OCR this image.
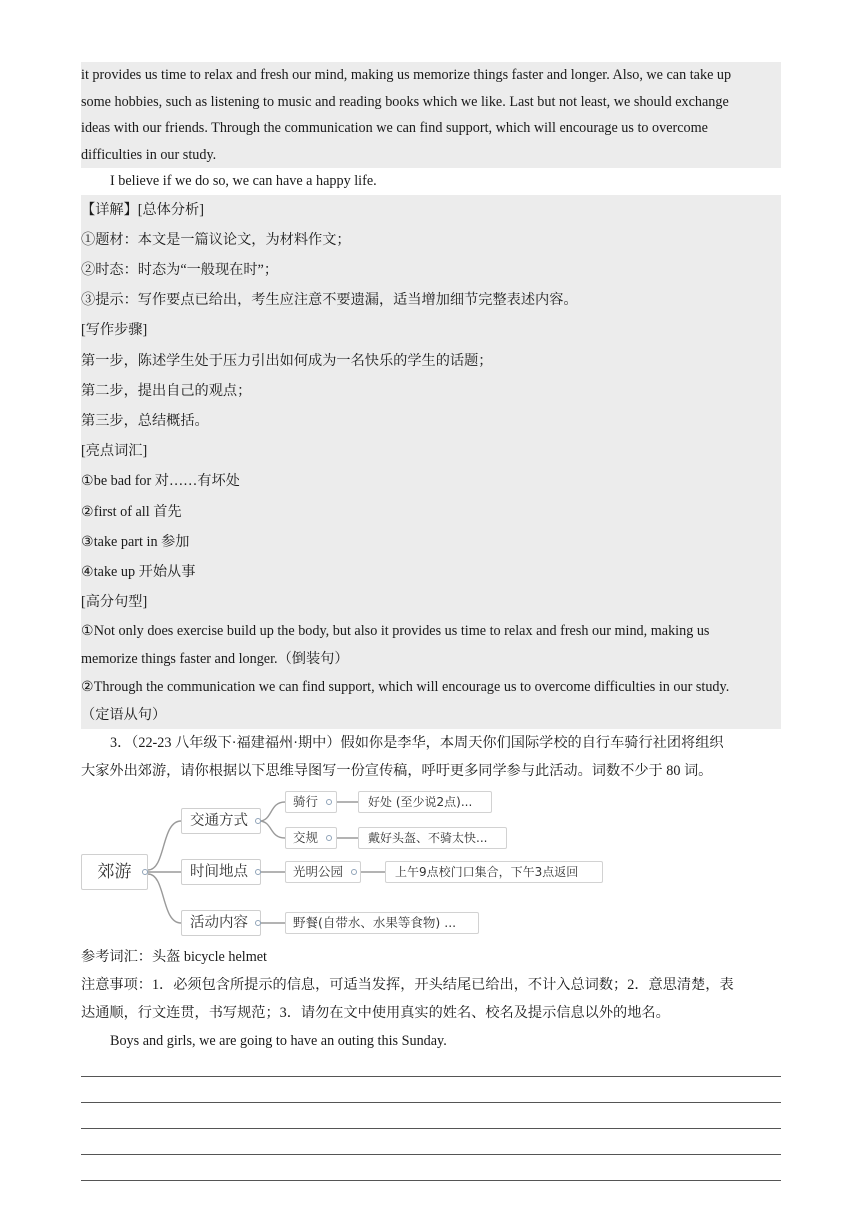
it provides us time to relax and fresh our mind, making us memorize things faster and longer. Also, we can take up
some hobbies, such as listening to music and reading books which we like. Last but not least, we should exchange
ideas with our friends. Through the communication we can find support, which will encourage us to overcome
difficulties in our study.
I believe if we do so, we can have a happy life.
【详解】[总体分析]
①题材：本文是一篇议论文，为材料作文；
②时态：时态为“一般现在时”；
③提示：写作要点已给出，考生应注意不要遗漏，适当增加细节完整表述内容。
[写作步骤]
第一步，陈述学生处于压力引出如何成为一名快乐的学生的话题；
第二步，提出自己的观点；
第三步，总结概括。
[亮点词汇]
①be bad for 对……有坏处
②first of all 首先
③take part in 参加
④take up 开始从事
[高分句型]
①Not only does exercise build up the body, but also it provides us time to relax and fresh our mind, making us
memorize things faster and longer.（倒装句）
②Through the communication we can find support, which will encourage us to overcome difficulties in our study.
（定语从句）
3．（22-23 八年级下·福建福州·期中）假如你是李华，本周天你们国际学校的自行车骑行社团将组织
大家外出郊游，请你根据以下思维导图写一份宣传稿，呼吁更多同学参与此活动。词数不少于 80 词。
郊游
交通方式
时间地点
活动内容
骑行
交规
光明公园
野餐(自带水、水果等食物) ...
好处 (至少说2点)...
戴好头盔、不骑太快...
上午9点校门口集合，下午3点返回
参考词汇：头盔 bicycle helmet
注意事项：1．必须包含所提示的信息，可适当发挥，开头结尾已给出，不计入总词数；2．意思清楚，表
达通顺，行文连贯，书写规范；3．请勿在文中使用真实的姓名、校名及提示信息以外的地名。
Boys and girls, we are going to have an outing this Sunday.
